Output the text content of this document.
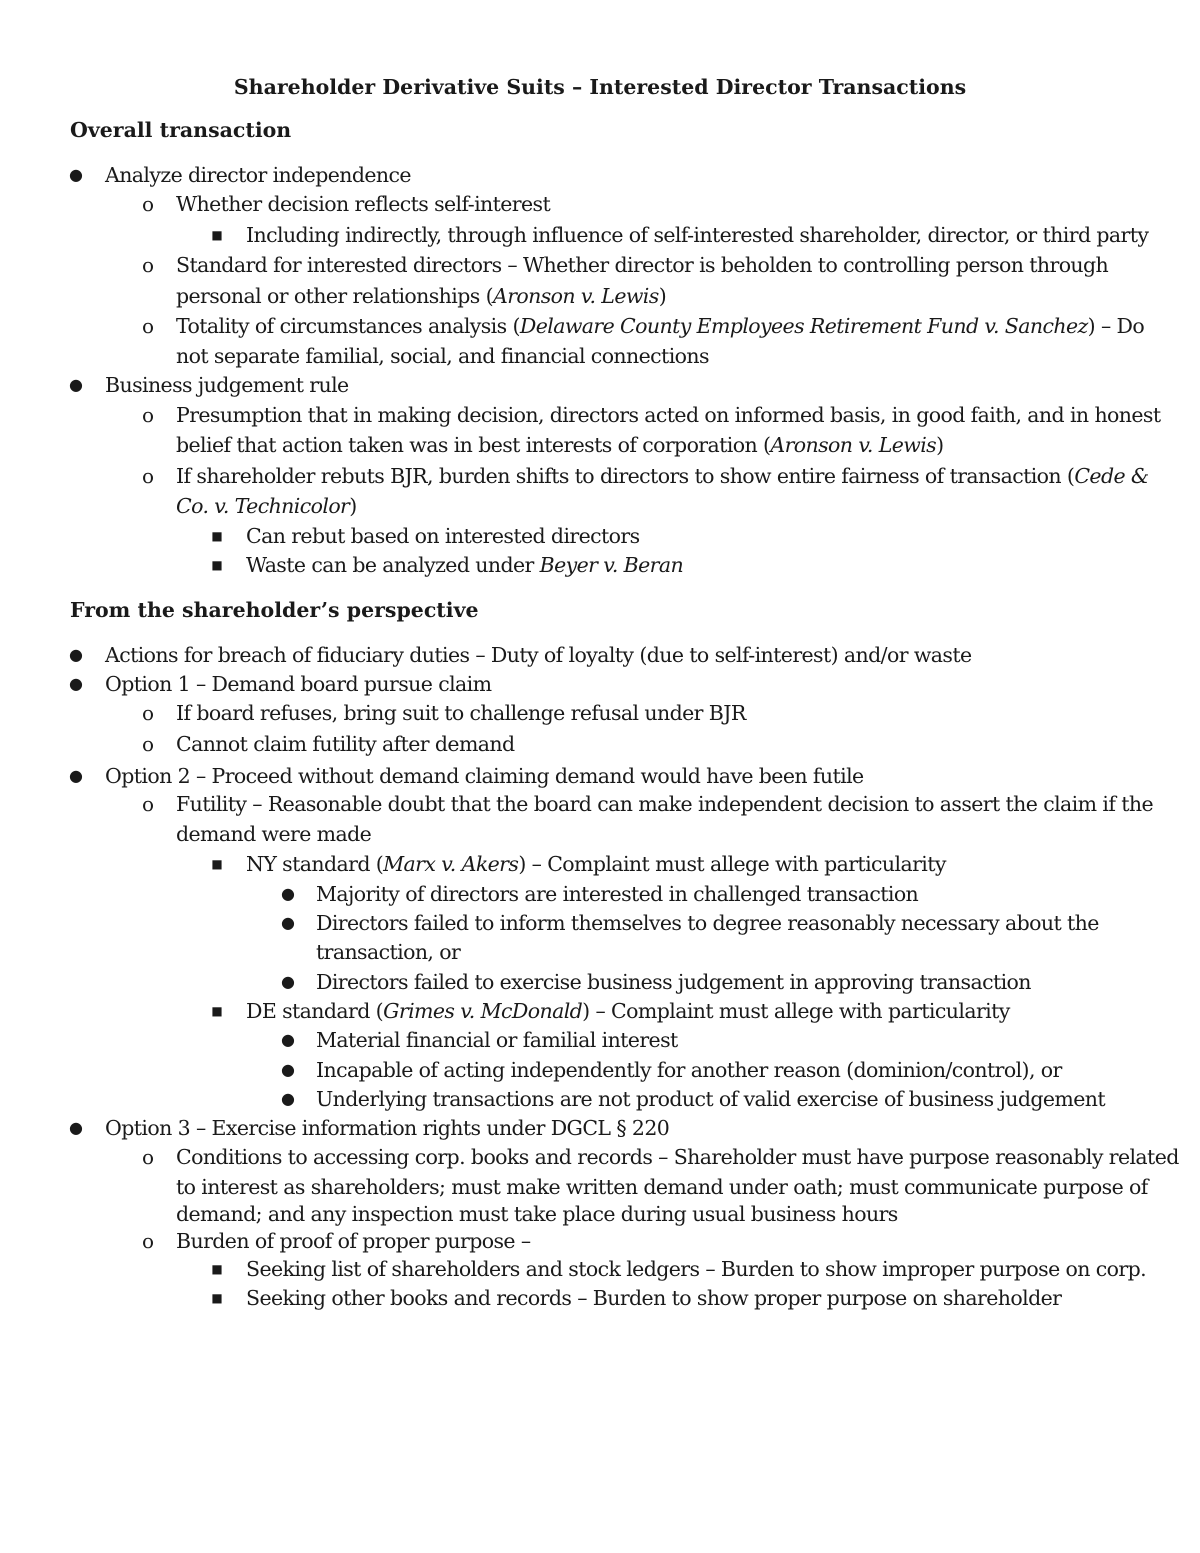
Shareholder Derivative Suits – Interested Director Transactions
Overall transaction
● Analyze director independence
o Whether decision reflects self-interest
■ Including indirectly, through influence of self-interested shareholder, director, or third party
o Standard for interested directors – Whether director is beholden to controlling person through
personal or other relationships (Aronson v. Lewis)
o Totality of circumstances analysis (Delaware County Employees Retirement Fund v. Sanchez) – Do
not separate familial, social, and financial connections
● Business judgement rule
o Presumption that in making decision, directors acted on informed basis, in good faith, and in honest
belief that action taken was in best interests of corporation (Aronson v. Lewis)
o If shareholder rebuts BJR, burden shifts to directors to show entire fairness of transaction (Cede &
Co. v. Technicolor)
■ Can rebut based on interested directors
■ Waste can be analyzed under Beyer v. Beran
From the shareholder’s perspective
● Actions for breach of fiduciary duties – Duty of loyalty (due to self-interest) and/or waste
● Option 1 – Demand board pursue claim
o If board refuses, bring suit to challenge refusal under BJR
o Cannot claim futility after demand
● Option 2 – Proceed without demand claiming demand would have been futile
o Futility – Reasonable doubt that the board can make independent decision to assert the claim if the
demand were made
■ NY standard (Marx v. Akers) – Complaint must allege with particularity
● Majority of directors are interested in challenged transaction
● Directors failed to inform themselves to degree reasonably necessary about the
transaction, or
● Directors failed to exercise business judgement in approving transaction
■ DE standard (Grimes v. McDonald) – Complaint must allege with particularity
● Material financial or familial interest
● Incapable of acting independently for another reason (dominion/control), or
● Underlying transactions are not product of valid exercise of business judgement
● Option 3 – Exercise information rights under DGCL § 220
o Conditions to accessing corp. books and records – Shareholder must have purpose reasonably related
to interest as shareholders; must make written demand under oath; must communicate purpose of
demand; and any inspection must take place during usual business hours
o Burden of proof of proper purpose –
■ Seeking list of shareholders and stock ledgers – Burden to show improper purpose on corp.
■ Seeking other books and records – Burden to show proper purpose on shareholder
